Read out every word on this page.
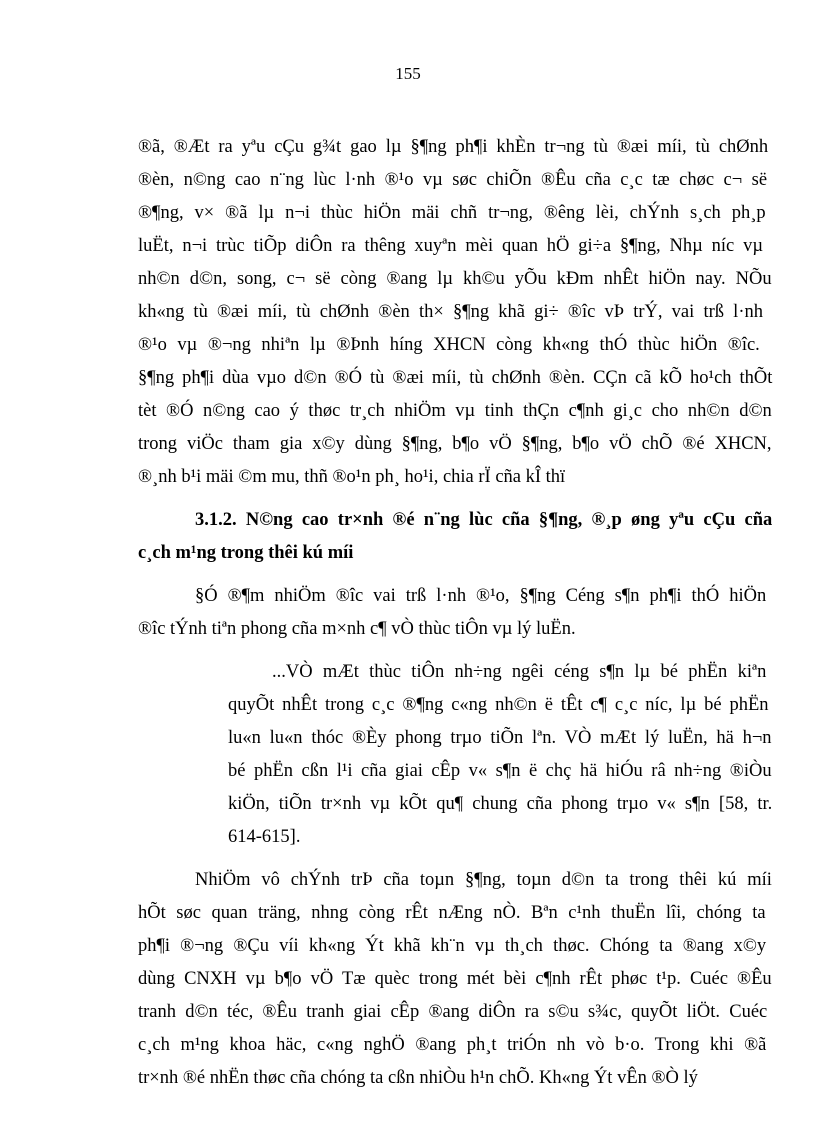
155
®ã, ®Æt ra yªu cÇu g¾t gao lµ §¶ng ph¶i khÈn tr¬ng tù ®æi míi, tù chØnh
®èn, n©ng cao n¨ng lùc l·nh ®¹o vµ søc chiÕn ®Êu cña c¸c tæ chøc c¬ së
®¶ng, v× ®ã lµ n¬i thùc hiÖn mäi chñ tr¬ng, ®êng lèi, chÝnh s¸ch ph¸p
luËt, n¬i trùc tiÕp diÔn ra thêng xuyªn mèi quan hÖ gi÷a §¶ng, Nhµ níc vµ
nh©n d©n, song, c¬ së còng ®ang lµ kh©u yÕu kÐm nhÊt hiÖn nay. NÕu
kh«ng tù ®æi míi, tù chØnh ®èn th× §¶ng khã gi÷ ®îc vÞ trÝ, vai trß l·nh
®¹o vµ ®¬ng nhiªn lµ ®Þnh híng XHCN còng kh«ng thÓ thùc hiÖn ®îc.
§¶ng ph¶i dùa vµo d©n ®Ó tù ®æi míi, tù chØnh ®èn. CÇn cã kÕ ho¹ch thÕt
tèt ®Ó n©ng cao ý thøc tr¸ch nhiÖm vµ tinh thÇn c¶nh gi¸c cho nh©n d©n
trong viÖc tham gia x©y dùng §¶ng, b¶o vÖ §¶ng, b¶o vÖ chÕ ®é XHCN,
®¸nh b¹i mäi ©m mu, thñ ®o¹n ph¸ ho¹i, chia rÏ cña kÎ thï
3.1.2. N©ng cao tr×nh ®é n¨ng lùc cña §¶ng, ®¸p øng yªu cÇu cña
c¸ch m¹ng trong thêi kú míi
§Ó ®¶m nhiÖm ®îc vai trß l·nh ®¹o, §¶ng Céng s¶n ph¶i thÓ hiÖn
®îc tÝnh tiªn phong cña m×nh c¶ vÒ thùc tiÔn vµ lý luËn.
...VÒ mÆt thùc tiÔn nh÷ng ngêi céng s¶n lµ bé phËn kiªn
quyÕt nhÊt trong c¸c ®¶ng c«ng nh©n ë tÊt c¶ c¸c níc, lµ bé phËn
lu«n lu«n thóc ®Èy phong trµo tiÕn lªn. VÒ mÆt lý luËn, hä h¬n
bé phËn cßn l¹i cña giai cÊp v« s¶n ë chç hä hiÓu râ nh÷ng ®iÒu
kiÖn, tiÕn tr×nh vµ kÕt qu¶ chung cña phong trµo v« s¶n [58, tr.
614-615].
NhiÖm vô chÝnh trÞ cña toµn §¶ng, toµn d©n ta trong thêi kú míi
hÕt søc quan träng, nhng còng rÊt nÆng nÒ. Bªn c¹nh thuËn lîi, chóng ta
ph¶i ®¬ng ®Çu víi kh«ng Ýt khã kh¨n vµ th¸ch thøc. Chóng ta ®ang x©y
dùng CNXH vµ b¶o vÖ Tæ quèc trong mét bèi c¶nh rÊt phøc t¹p. Cuéc ®Êu
tranh d©n téc, ®Êu tranh giai cÊp ®ang diÔn ra s©u s¾c, quyÕt liÖt. Cuéc
c¸ch m¹ng khoa häc, c«ng nghÖ ®ang ph¸t triÓn nh vò b·o. Trong khi ®ã
tr×nh ®é nhËn thøc cña chóng ta cßn nhiÒu h¹n chÕ. Kh«ng Ýt vÊn ®Ò lý
